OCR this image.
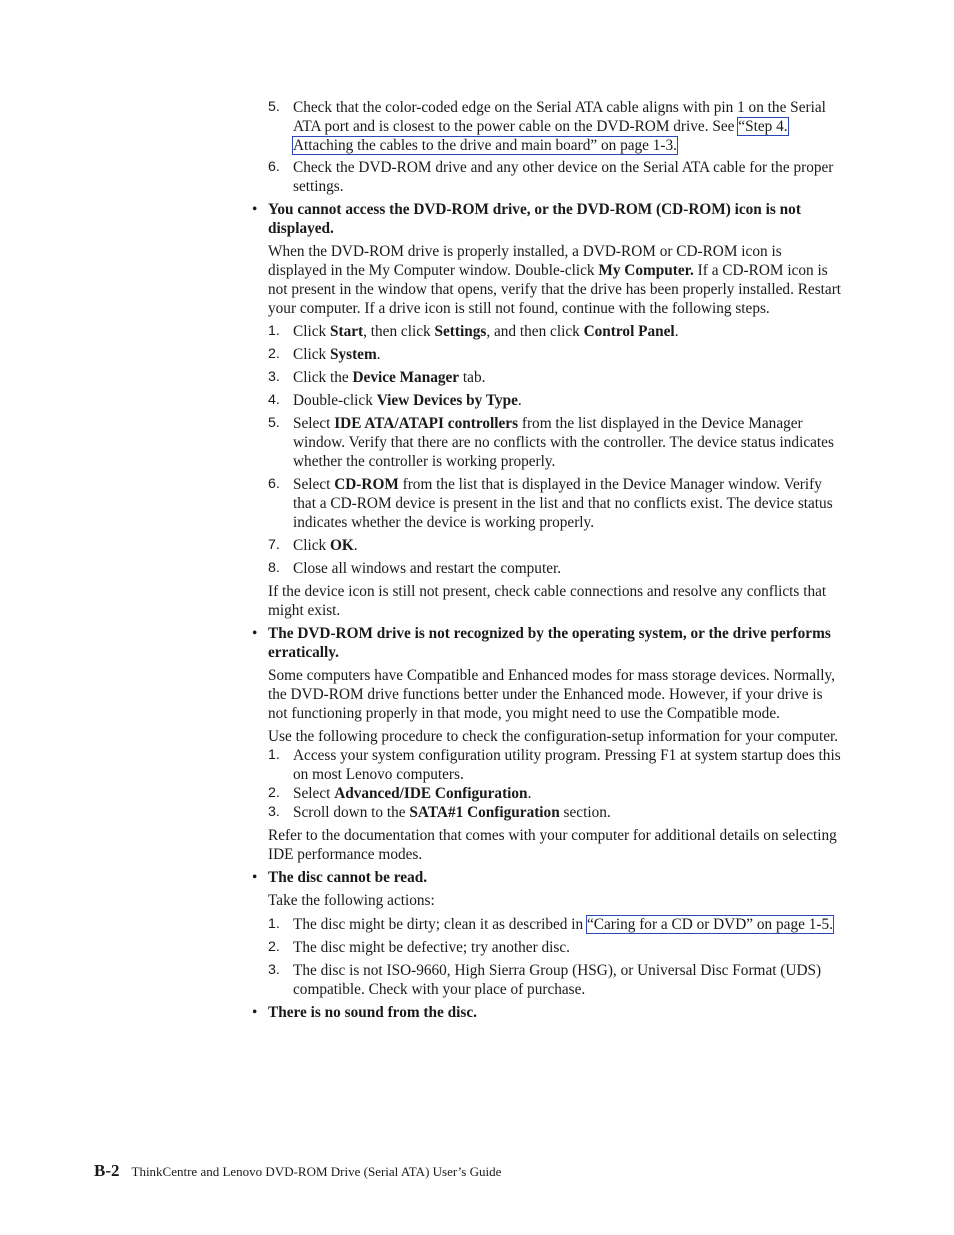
5. Check that the color-coded edge on the Serial ATA cable aligns with pin 1 on the Serial ATA port and is closest to the power cable on the DVD-ROM drive. See “Step 4. Attaching the cables to the drive and main board” on page 1-3.

6. Check the DVD-ROM drive and any other device on the Serial ATA cable for the proper settings.

• You cannot access the DVD-ROM drive, or the DVD-ROM (CD-ROM) icon is not displayed.

When the DVD-ROM drive is properly installed, a DVD-ROM or CD-ROM icon is displayed in the My Computer window. Double-click My Computer. If a CD-ROM icon is not present in the window that opens, verify that the drive has been properly installed. Restart your computer. If a drive icon is still not found, continue with the following steps.

1. Click Start, then click Settings, and then click Control Panel.

2. Click System.

3. Click the Device Manager tab.

4. Double-click View Devices by Type.

5. Select IDE ATA/ATAPI controllers from the list displayed in the Device Manager window. Verify that there are no conflicts with the controller. The device status indicates whether the controller is working properly.

6. Select CD-ROM from the list that is displayed in the Device Manager window. Verify that a CD-ROM device is present in the list and that no conflicts exist. The device status indicates whether the device is working properly.

7. Click OK.

8. Close all windows and restart the computer.

If the device icon is still not present, check cable connections and resolve any conflicts that might exist.

• The DVD-ROM drive is not recognized by the operating system, or the drive performs erratically.

Some computers have Compatible and Enhanced modes for mass storage devices. Normally, the DVD-ROM drive functions better under the Enhanced mode. However, if your drive is not functioning properly in that mode, you might need to use the Compatible mode.

Use the following procedure to check the configuration-setup information for your computer.

1. Access your system configuration utility program. Pressing F1 at system startup does this on most Lenovo computers.

2. Select Advanced/IDE Configuration.

3. Scroll down to the SATA#1 Configuration section.

Refer to the documentation that comes with your computer for additional details on selecting IDE performance modes.

• The disc cannot be read.

Take the following actions:

1. The disc might be dirty; clean it as described in “Caring for a CD or DVD” on page 1-5.

2. The disc might be defective; try another disc.

3. The disc is not ISO-9660, High Sierra Group (HSG), or Universal Disc Format (UDS) compatible. Check with your place of purchase.

• There is no sound from the disc.

B-2 ThinkCentre and Lenovo DVD-ROM Drive (Serial ATA) User’s Guide
